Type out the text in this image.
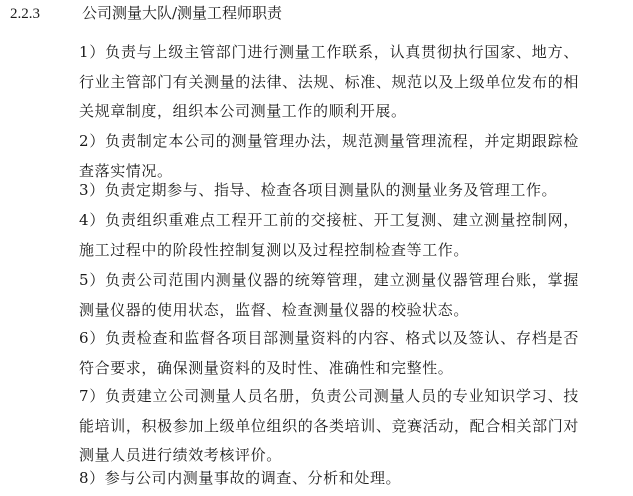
2.2.3	公司测量大队/测量工程师职责
1）负责与上级主管部门进行测量工作联系，认真贯彻执行国家、地方、行业主管部门有关测量的法律、法规、标准、规范以及上级单位发布的相关规章制度，组织本公司测量工作的顺利开展。
2）负责制定本公司的测量管理办法，规范测量管理流程，并定期跟踪检查落实情况。
3）负责定期参与、指导、检查各项目测量队的测量业务及管理工作。
4）负责组织重难点工程开工前的交接桩、开工复测、建立测量控制网，施工过程中的阶段性控制复测以及过程控制检查等工作。
5）负责公司范围内测量仪器的统筹管理，建立测量仪器管理台账，掌握测量仪器的使用状态，监督、检查测量仪器的校验状态。
6）负责检查和监督各项目部测量资料的内容、格式以及签认、存档是否符合要求，确保测量资料的及时性、准确性和完整性。
7）负责建立公司测量人员名册，负责公司测量人员的专业知识学习、技能培训，积极参加上级单位组织的各类培训、竞赛活动，配合相关部门对测量人员进行绩效考核评价。
8）参与公司内测量事故的调查、分析和处理。
